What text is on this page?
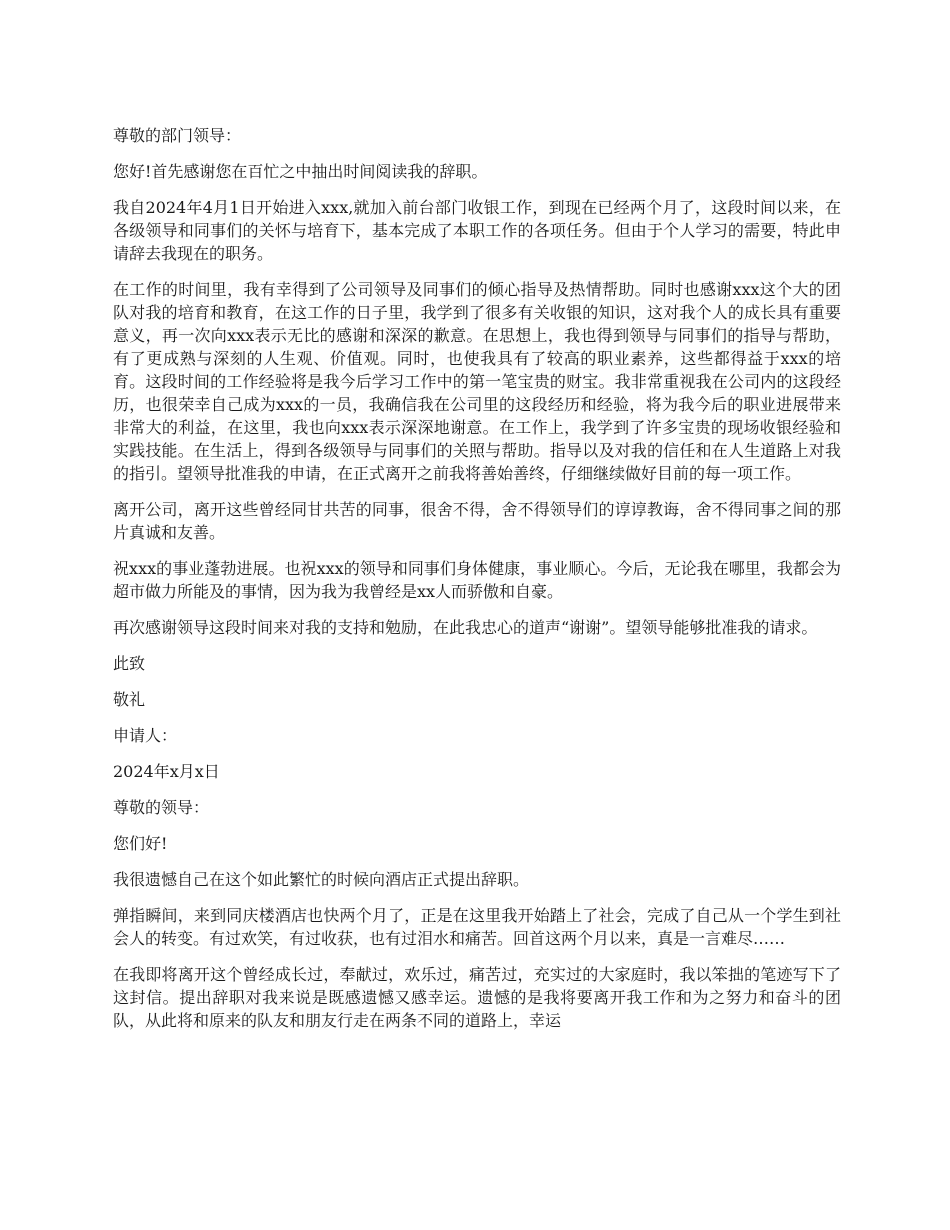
尊敬的部门领导：

您好!首先感谢您在百忙之中抽出时间阅读我的辞职。

我自2024年4月1日开始进入xxx,就加入前台部门收银工作，到现在已经两个月了，这段时间以来，在各级领导和同事们的关怀与培育下，基本完成了本职工作的各项任务。但由于个人学习的需要，特此申请辞去我现在的职务。

在工作的时间里，我有幸得到了公司领导及同事们的倾心指导及热情帮助。同时也感谢xxx这个大的团队对我的培育和教育，在这工作的日子里，我学到了很多有关收银的知识，这对我个人的成长具有重要意义，再一次向xxx表示无比的感谢和深深的歉意。在思想上，我也得到领导与同事们的指导与帮助，有了更成熟与深刻的人生观、价值观。同时，也使我具有了较高的职业素养，这些都得益于xxx的培育。这段时间的工作经验将是我今后学习工作中的第一笔宝贵的财宝。我非常重视我在公司内的这段经历，也很荣幸自己成为xxx的一员，我确信我在公司里的这段经历和经验，将为我今后的职业进展带来非常大的利益，在这里，我也向xxx表示深深地谢意。在工作上，我学到了许多宝贵的现场收银经验和实践技能。在生活上，得到各级领导与同事们的关照与帮助。指导以及对我的信任和在人生道路上对我的指引。望领导批准我的申请，在正式离开之前我将善始善终，仔细继续做好目前的每一项工作。

离开公司，离开这些曾经同甘共苦的同事，很舍不得，舍不得领导们的谆谆教诲，舍不得同事之间的那片真诚和友善。

祝xxx的事业蓬勃进展。也祝xxx的领导和同事们身体健康，事业顺心。今后，无论我在哪里，我都会为超市做力所能及的事情，因为我为我曾经是xx人而骄傲和自豪。

再次感谢领导这段时间来对我的支持和勉励，在此我忠心的道声“谢谢”。望领导能够批准我的请求。

此致

敬礼

申请人：

2024年x月x日

尊敬的领导：

您们好!

我很遗憾自己在这个如此繁忙的时候向酒店正式提出辞职。

弹指瞬间，来到同庆楼酒店也快两个月了，正是在这里我开始踏上了社会，完成了自己从一个学生到社会人的转变。有过欢笑，有过收获，也有过泪水和痛苦。回首这两个月以来，真是一言难尽……

在我即将离开这个曾经成长过，奉献过，欢乐过，痛苦过，充实过的大家庭时，我以笨拙的笔迹写下了这封信。提出辞职对我来说是既感遗憾又感幸运。遗憾的是我将要离开我工作和为之努力和奋斗的团队，从此将和原来的队友和朋友行走在两条不同的道路上，幸运
